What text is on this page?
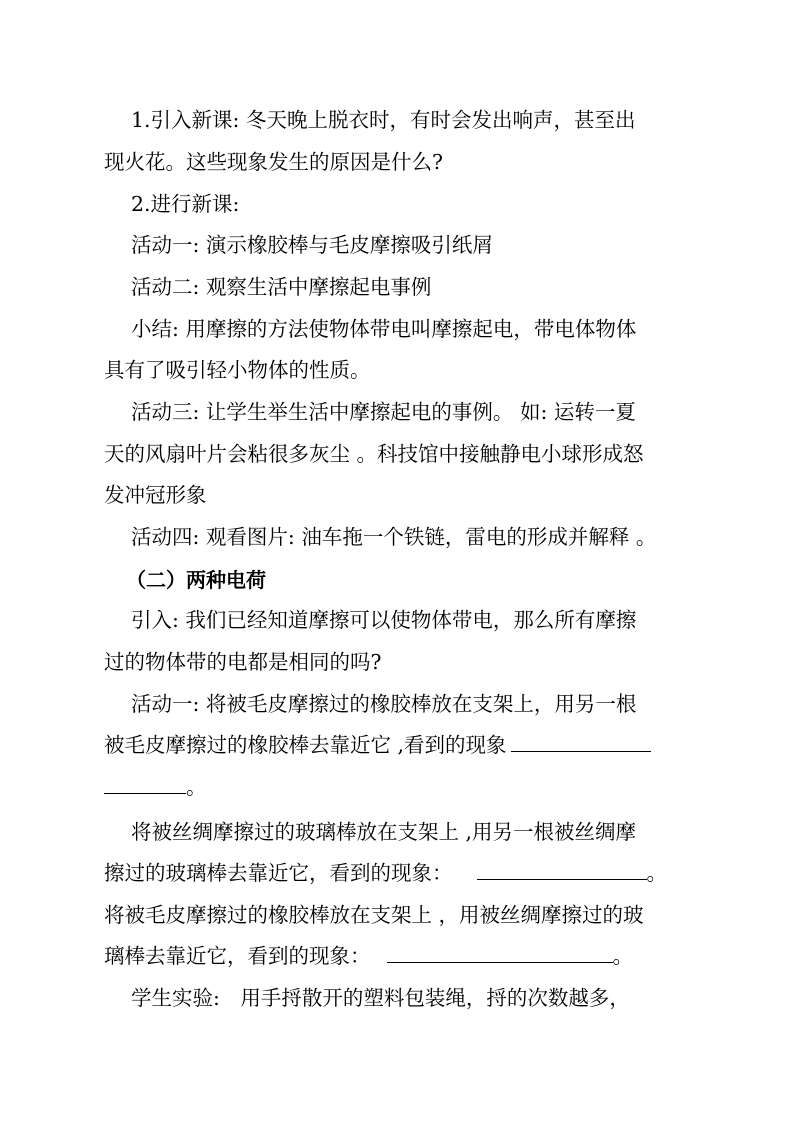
1.引入新课: 冬天晚上脱衣时，有时会发出响声，甚至出
现火花。这些现象发生的原因是什么?
2.进行新课:
活动一: 演示橡胶棒与毛皮摩擦吸引纸屑
活动二: 观察生活中摩擦起电事例
小结: 用摩擦的方法使物体带电叫摩擦起电，带电体物体
具有了吸引轻小物体的性质。
活动三: 让学生举生活中摩擦起电的事例。 如: 运转一夏
天的风扇叶片会粘很多灰尘 。科技馆中接触静电小球形成怒
发冲冠形象
活动四: 观看图片: 油车拖一个铁链，雷电的形成并解释 。
（二）两种电荷
引入: 我们已经知道摩擦可以使物体带电，那么所有摩擦
过的物体带的电都是相同的吗?
活动一: 将被毛皮摩擦过的橡胶棒放在支架上，用另一根
被毛皮摩擦过的橡胶棒去靠近它 ,看到的现象
。
将被丝绸摩擦过的玻璃棒放在支架上 ,用另一根被丝绸摩
擦过的玻璃棒去靠近它，看到的现象：	。
将被毛皮摩擦过的橡胶棒放在支架上 ，用被丝绸摩擦过的玻
璃棒去靠近它，看到的现象：	。
学生实验:　用手捋散开的塑料包装绳，捋的次数越多，
